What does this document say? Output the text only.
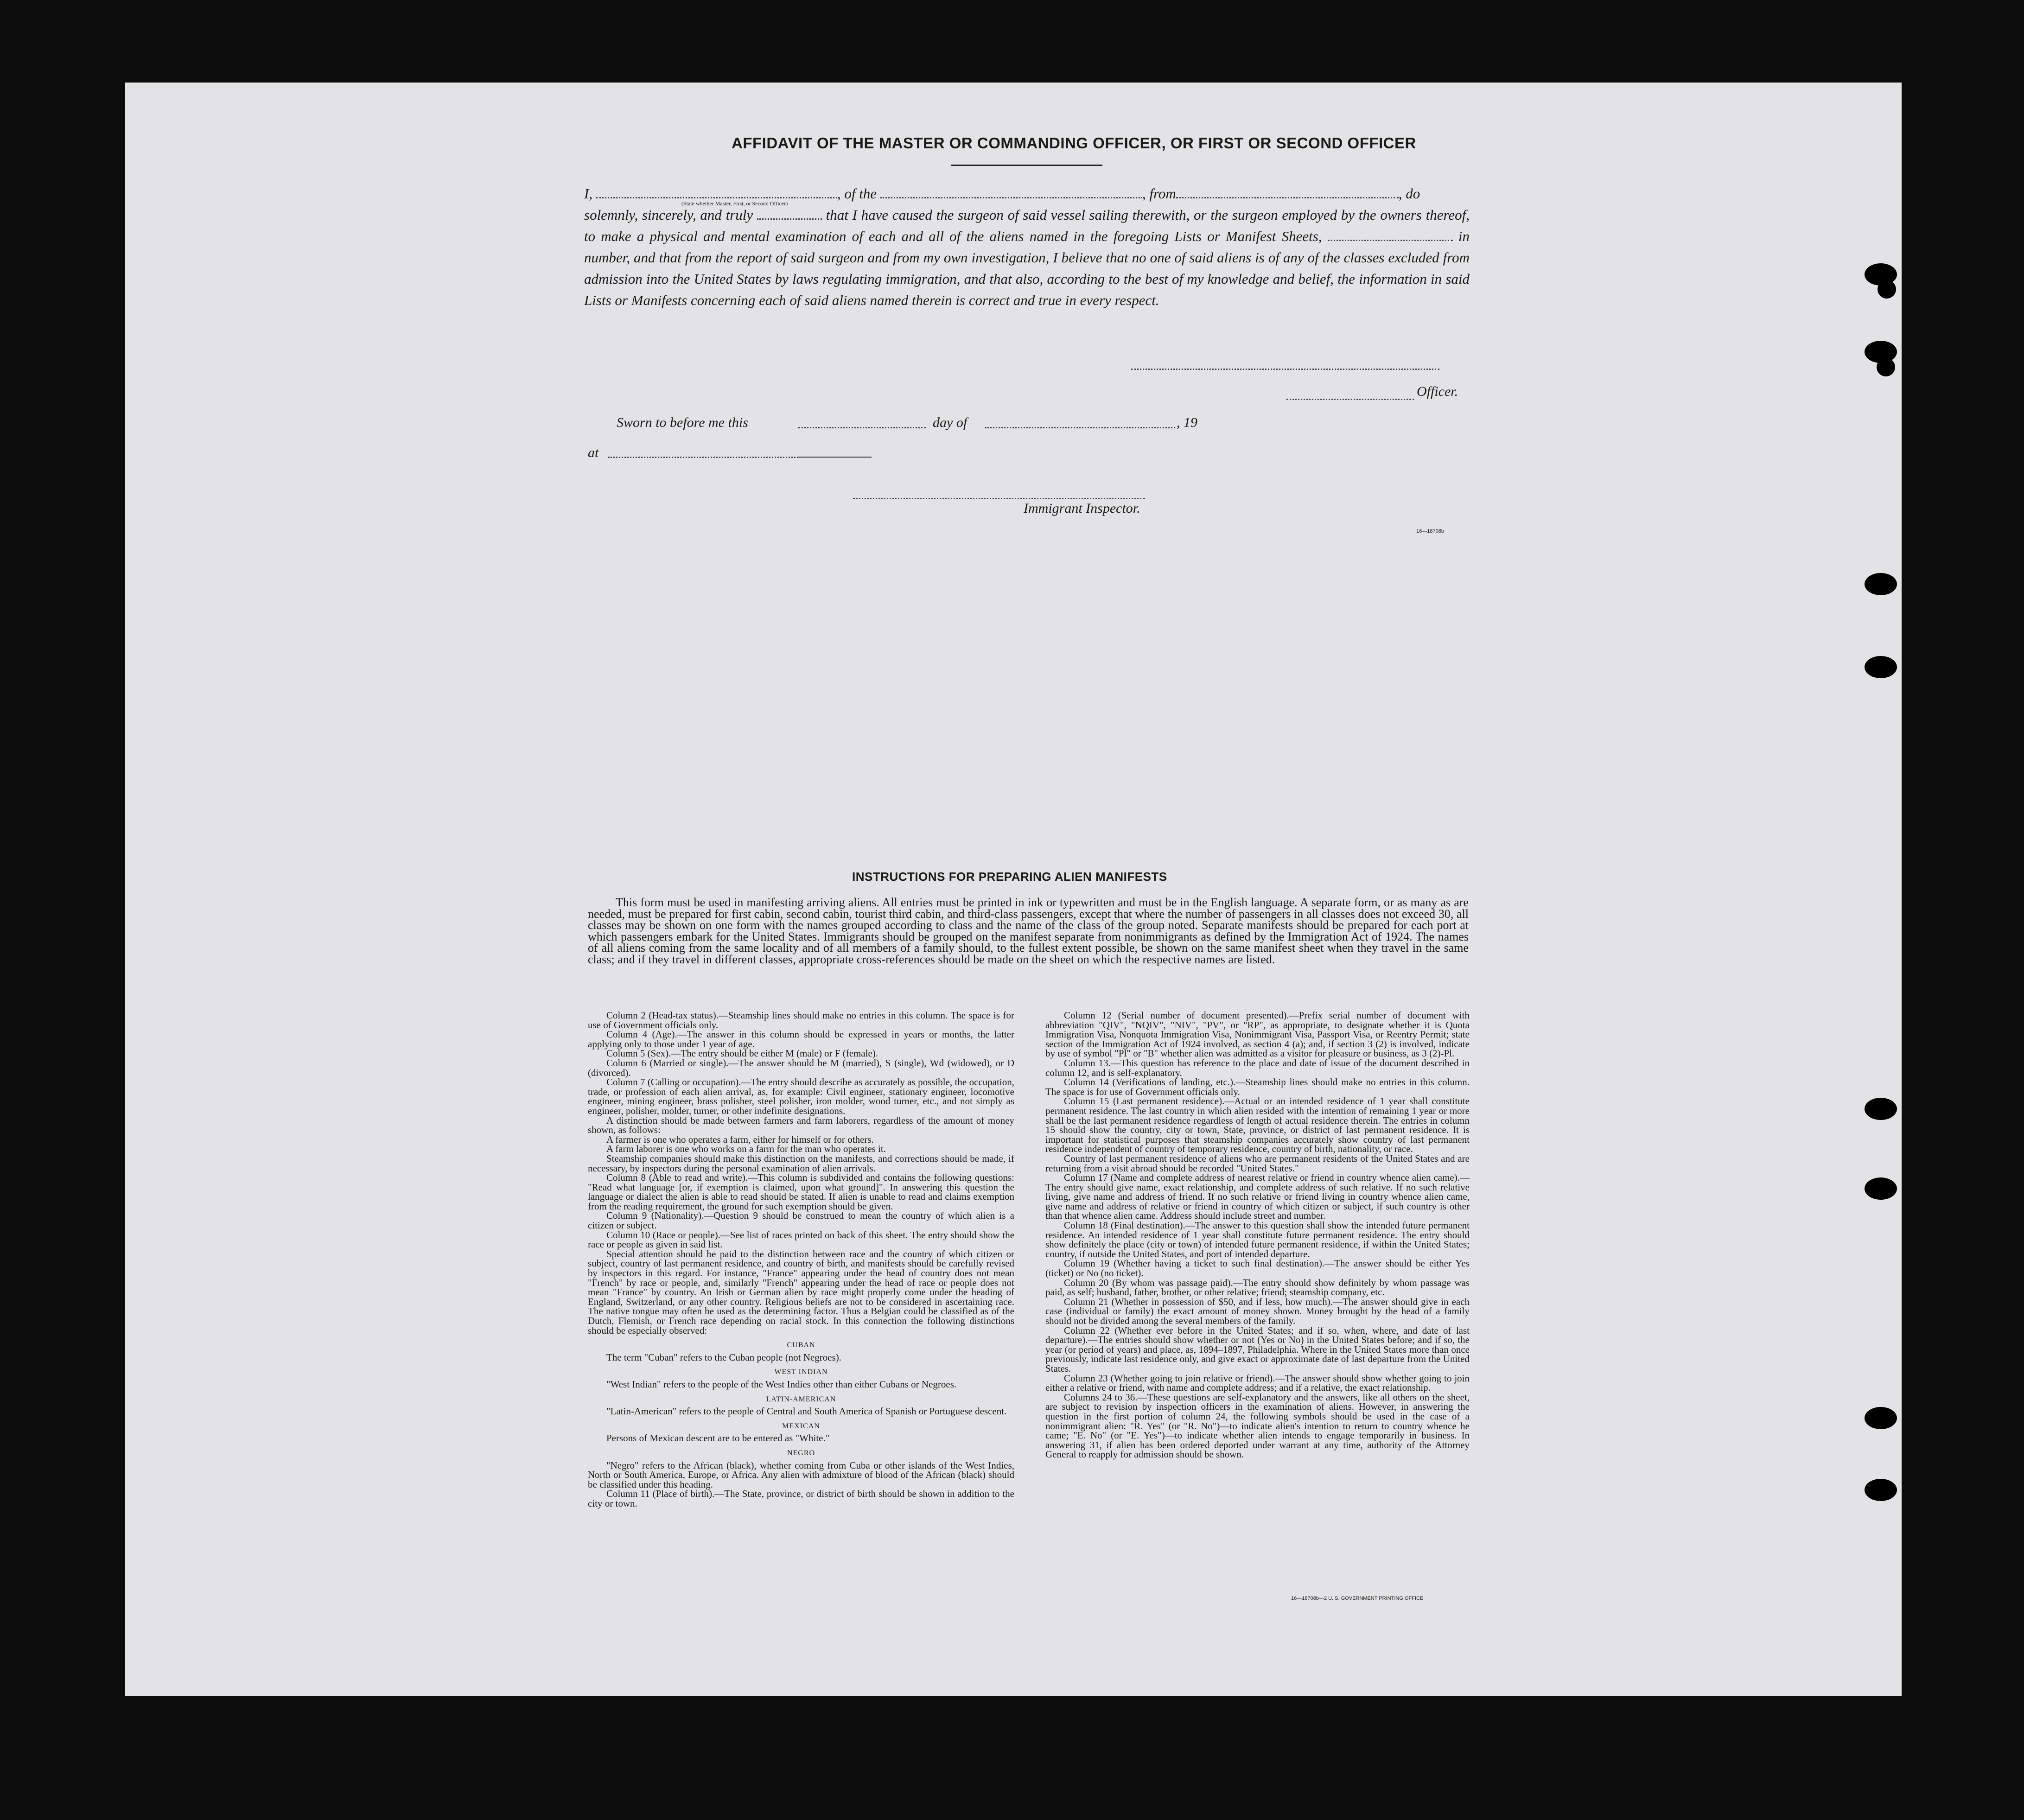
AFFIDAVIT OF THE MASTER OR COMMANDING OFFICER, OR FIRST OR SECOND OFFICER

I,	, of the	, from	, do

solemnly, sincerely, and truly	that I have caused the surgeon of said vessel sailing therewith, or the surgeon employed by the owners thereof, to make a physical and mental examination of each and all of the aliens named in the foregoing Lists or Manifest Sheets,	in number, and that from the report of said surgeon and from my own investigation, I believe that no one of said aliens is of any of the classes excluded from admission into the United States by laws regulating immigration, and that also, according to the best of my knowledge and belief, the information in said Lists or Manifests concerning each of said aliens named therein is correct and true in every respect.

(State whether Master, First, or Second Officer)
Officer.
Sworn to before me this	day of	, 19
at
Immigrant Inspector.
16—18708b
INSTRUCTIONS FOR PREPARING ALIEN MANIFESTS
This form must be used in manifesting arriving aliens. All entries must be printed in ink or typewritten and must be in the English language. A separate form, or as many as are needed, must be prepared for first cabin, second cabin, tourist third cabin, and third-class passengers, except that where the number of passengers in all classes does not exceed 30, all classes may be shown on one form with the names grouped according to class and the name of the class of the group noted. Separate manifests should be prepared for each port at which passengers embark for the United States. Immigrants should be grouped on the manifest separate from nonimmigrants as defined by the Immigration Act of 1924. The names of all aliens coming from the same locality and of all members of a family should, to the fullest extent possible, be shown on the same manifest sheet when they travel in the same class; and if they travel in different classes, appropriate cross-references should be made on the sheet on which the respective names are listed.

Column 2 (Head-tax status).—Steamship lines should make no entries in this column. The space is for use of Government officials only.

Column 4 (Age).—The answer in this column should be expressed in years or months, the latter applying only to those under 1 year of age.

Column 5 (Sex).—The entry should be either M (male) or F (female).

Column 6 (Married or single).—The answer should be M (married), S (single), Wd (widowed), or D (divorced).

Column 7 (Calling or occupation).—The entry should describe as accurately as possible, the occupation, trade, or profession of each alien arrival, as, for example: Civil engineer, stationary engineer, locomotive engineer, mining engineer, brass polisher, steel polisher, iron molder, wood turner, etc., and not simply as engineer, polisher, molder, turner, or other indefinite designations.

A distinction should be made between farmers and farm laborers, regardless of the amount of money shown, as follows:

A farmer is one who operates a farm, either for himself or for others.

A farm laborer is one who works on a farm for the man who operates it.

Steamship companies should make this distinction on the manifests, and corrections should be made, if necessary, by inspectors during the personal examination of alien arrivals.

Column 8 (Able to read and write).—This column is subdivided and contains the following questions: "Read what language [or, if exemption is claimed, upon what ground]". In answering this question the language or dialect the alien is able to read should be stated. If alien is unable to read and claims exemption from the reading requirement, the ground for such exemption should be given.

Column 9 (Nationality).—Question 9 should be construed to mean the country of which alien is a citizen or subject.

Column 10 (Race or people).—See list of races printed on back of this sheet. The entry should show the race or people as given in said list.

Special attention should be paid to the distinction between race and the country of which citizen or subject, country of last permanent residence, and country of birth, and manifests should be carefully revised by inspectors in this regard. For instance, "France" appearing under the head of country does not mean "French" by race or people, and, similarly "French" appearing under the head of race or people does not mean "France" by country. An Irish or German alien by race might properly come under the heading of England, Switzerland, or any other country. Religious beliefs are not to be considered in ascertaining race. The native tongue may often be used as the determining factor. Thus a Belgian could be classified as of the Dutch, Flemish, or French race depending on racial stock. In this connection the following distinctions should be especially observed:

CUBAN

The term "Cuban" refers to the Cuban people (not Negroes).

WEST INDIAN

"West Indian" refers to the people of the West Indies other than either Cubans or Negroes.

LATIN-AMERICAN

"Latin-American" refers to the people of Central and South America of Spanish or Portuguese descent.

MEXICAN

Persons of Mexican descent are to be entered as "White."

NEGRO

"Negro" refers to the African (black), whether coming from Cuba or other islands of the West Indies, North or South America, Europe, or Africa. Any alien with admixture of blood of the African (black) should be classified under this heading.

Column 11 (Place of birth).—The State, province, or district of birth should be shown in addition to the city or town.

Column 12 (Serial number of document presented).—Prefix serial number of document with abbreviation "QIV", "NQIV", "NIV", "PV", or "RP", as appropriate, to designate whether it is Quota Immigration Visa, Nonquota Immigration Visa, Nonimmigrant Visa, Passport Visa, or Reentry Permit; state section of the Immigration Act of 1924 involved, as section 4 (a); and, if section 3 (2) is involved, indicate by use of symbol "Pl" or "B" whether alien was admitted as a visitor for pleasure or business, as 3 (2)-Pl.

Column 13.—This question has reference to the place and date of issue of the document described in column 12, and is self-explanatory.

Column 14 (Verifications of landing, etc.).—Steamship lines should make no entries in this column. The space is for use of Government officials only.

Column 15 (Last permanent residence).—Actual or an intended residence of 1 year shall constitute permanent residence. The last country in which alien resided with the intention of remaining 1 year or more shall be the last permanent residence regardless of length of actual residence therein. The entries in column 15 should show the country, city or town, State, province, or district of last permanent residence. It is important for statistical purposes that steamship companies accurately show country of last permanent residence independent of country of temporary residence, country of birth, nationality, or race.

Country of last permanent residence of aliens who are permanent residents of the United States and are returning from a visit abroad should be recorded "United States."

Column 17 (Name and complete address of nearest relative or friend in country whence alien came).—The entry should give name, exact relationship, and complete address of such relative. If no such relative living, give name and address of friend. If no such relative or friend living in country whence alien came, give name and address of relative or friend in country of which citizen or subject, if such country is other than that whence alien came. Address should include street and number.

Column 18 (Final destination).—The answer to this question shall show the intended future permanent residence. An intended residence of 1 year shall constitute future permanent residence. The entry should show definitely the place (city or town) of intended future permanent residence, if within the United States; country, if outside the United States, and port of intended departure.

Column 19 (Whether having a ticket to such final destination).—The answer should be either Yes (ticket) or No (no ticket).

Column 20 (By whom was passage paid).—The entry should show definitely by whom passage was paid, as self; husband, father, brother, or other relative; friend; steamship company, etc.

Column 21 (Whether in possession of $50, and if less, how much).—The answer should give in each case (individual or family) the exact amount of money shown. Money brought by the head of a family should not be divided among the several members of the family.

Column 22 (Whether ever before in the United States; and if so, when, where, and date of last departure).—The entries should show whether or not (Yes or No) in the United States before; and if so, the year (or period of years) and place, as, 1894–1897, Philadelphia. Where in the United States more than once previously, indicate last residence only, and give exact or approximate date of last departure from the United States.

Column 23 (Whether going to join relative or friend).—The answer should show whether going to join either a relative or friend, with name and complete address; and if a relative, the exact relationship.

Columns 24 to 36.—These questions are self-explanatory and the answers, like all others on the sheet, are subject to revision by inspection officers in the examination of aliens. However, in answering the question in the first portion of column 24, the following symbols should be used in the case of a nonimmigrant alien: "R. Yes" (or "R. No")—to indicate alien's intention to return to country whence he came; "E. No" (or "E. Yes")—to indicate whether alien intends to engage temporarily in business. In answering 31, if alien has been ordered deported under warrant at any time, authority of the Attorney General to reapply for admission should be shown.

16—18708b—2 U. S. GOVERNMENT PRINTING OFFICE
